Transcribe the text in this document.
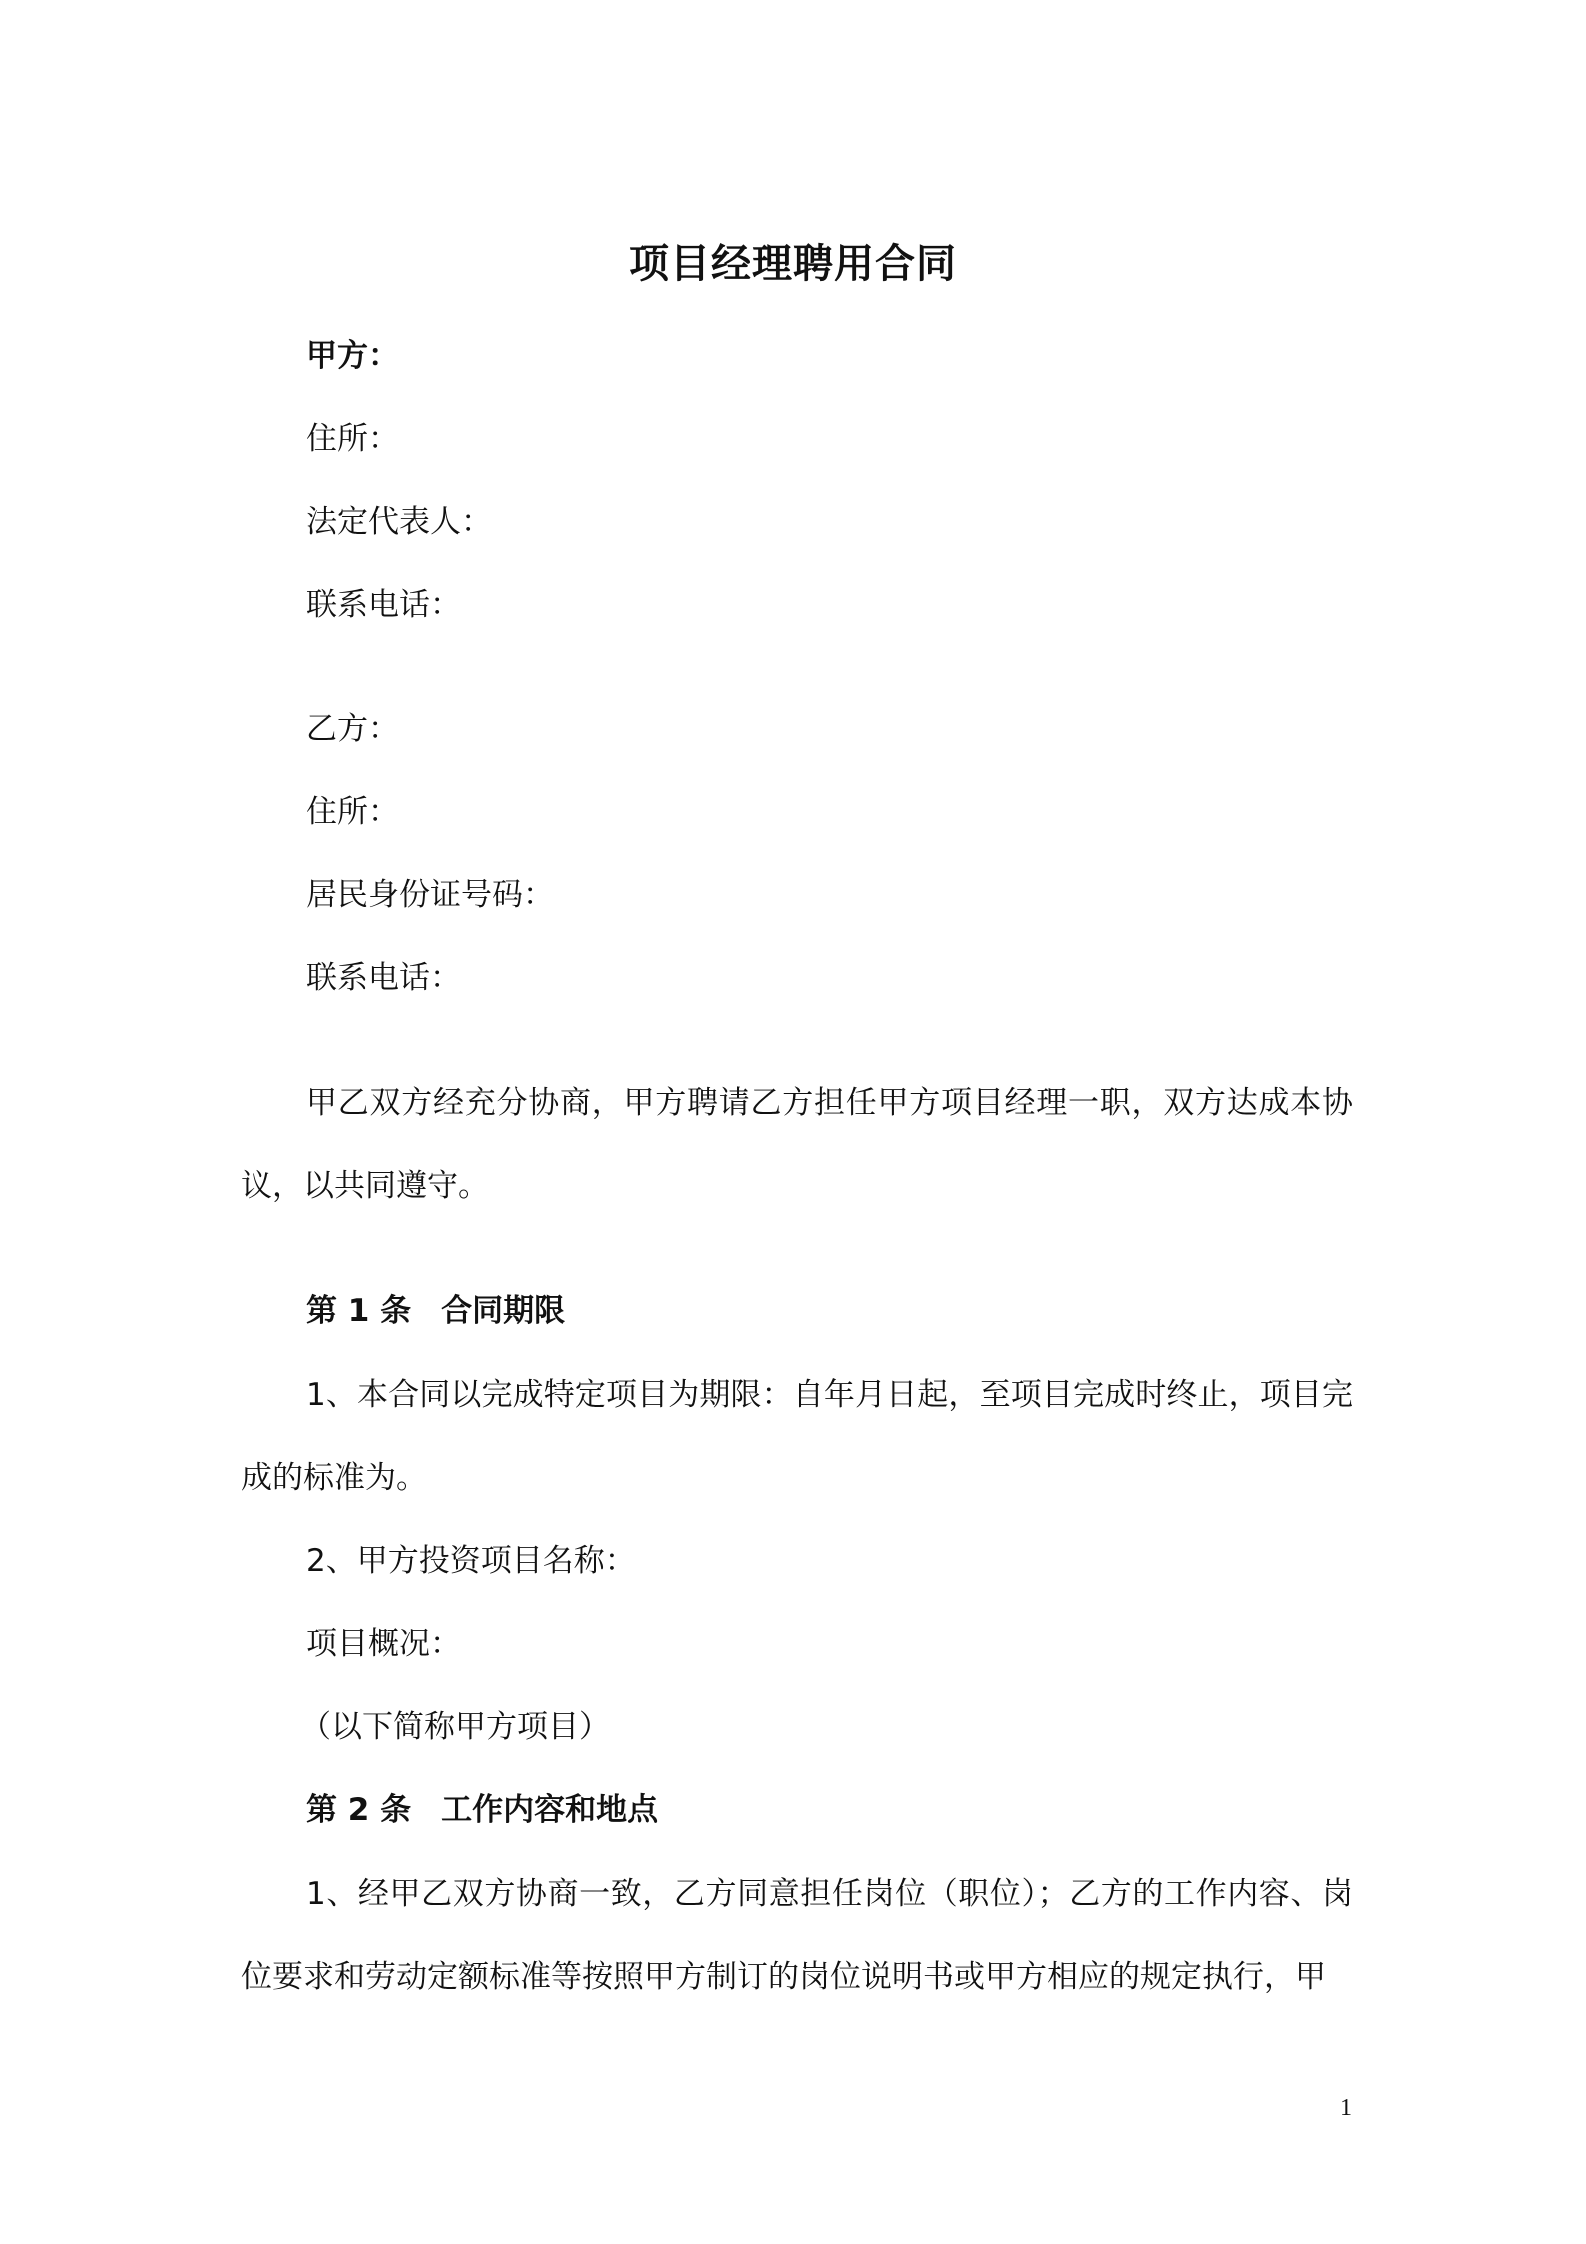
项目经理聘用合同
甲方：
住所：
法定代表人：
联系电话：
乙方：
住所：
居民身份证号码：
联系电话：
甲乙双方经充分协商，甲方聘请乙方担任甲方项目经理一职，双方达成本协议，以共同遵守。
第 1 条 合同期限
1、本合同以完成特定项目为期限：自年月日起，至项目完成时终止，项目完成的标准为。
2、甲方投资项目名称：
项目概况：
（以下简称甲方项目）
第 2 条 工作内容和地点
1、经甲乙双方协商一致，乙方同意担任岗位（职位）；乙方的工作内容、岗位要求和劳动定额标准等按照甲方制订的岗位说明书或甲方相应的规定执行，甲
1
